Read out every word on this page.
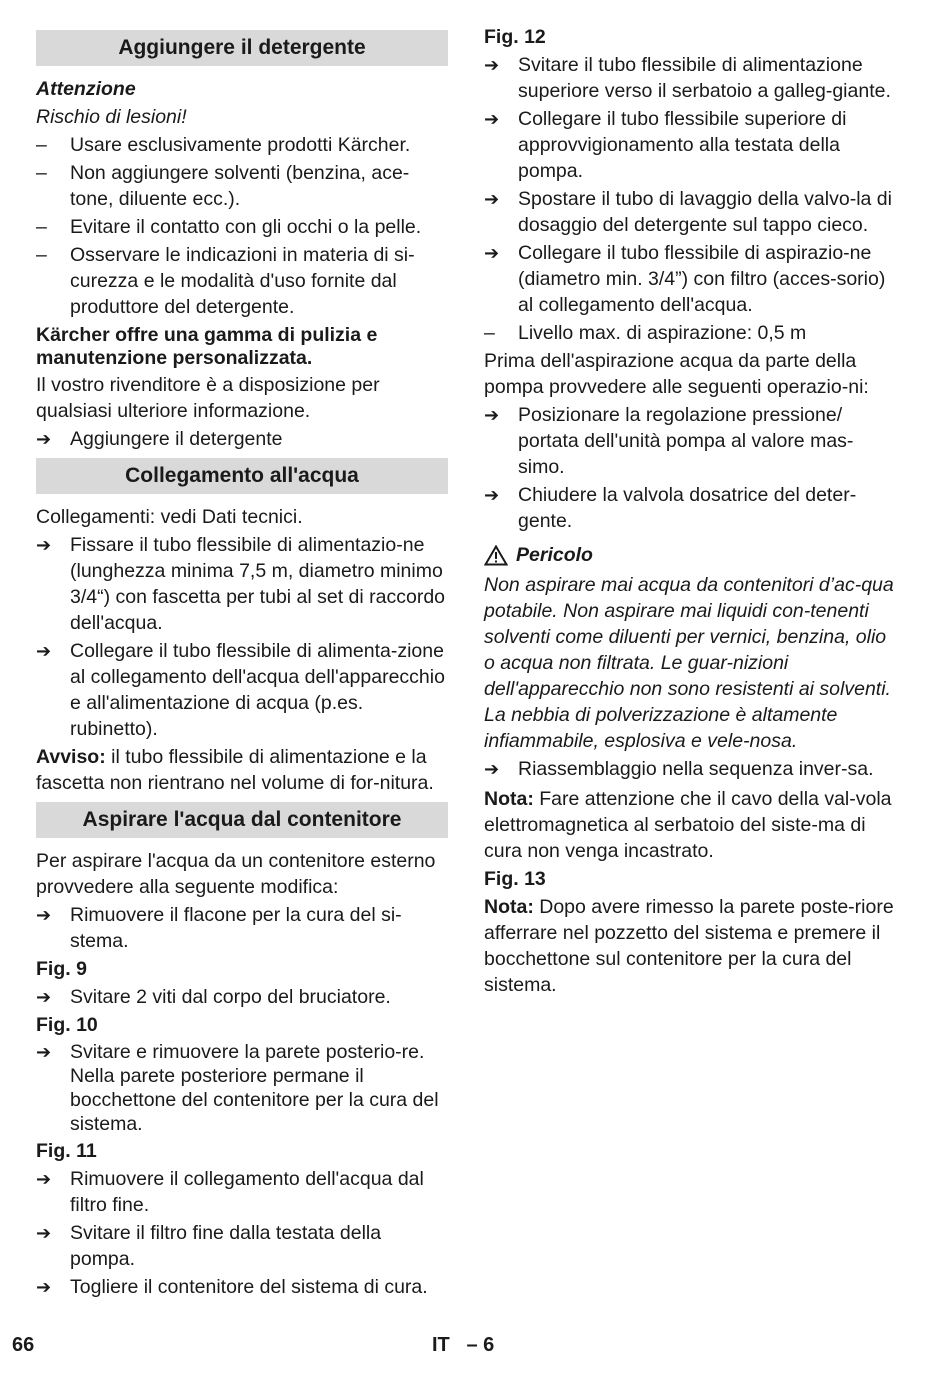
Aggiungere il detergente

Attenzione

Rischio di lesioni!

–	Usare esclusivamente prodotti Kärcher.
–	Non aggiungere solventi (benzina, ace-tone, diluente ecc.).
–	Evitare il contatto con gli occhi o la pelle.
–	Osservare le indicazioni in materia di si-curezza e le modalità d'uso fornite dal produttore del detergente.

Kärcher offre una gamma di pulizia e manutenzione personalizzata.

Il vostro rivenditore è a disposizione per qualsiasi ulteriore informazione.

➔ Aggiungere il detergente
Collegamento all'acqua

Collegamenti: vedi Dati tecnici.

➔ Fissare il tubo flessibile di alimentazio-ne (lunghezza minima 7,5 m, diametro minimo 3/4“) con fascetta per tubi al set di raccordo dell'acqua.
➔ Collegare il tubo flessibile di alimenta-zione al collegamento dell'acqua dell'apparecchio e all'alimentazione di acqua (p.es. rubinetto).

Avviso: il tubo flessibile di alimentazione e la fascetta non rientrano nel volume di for-nitura.

Aspirare l'acqua dal contenitore

Per aspirare l'acqua da un contenitore esterno provvedere alla seguente modifica:

➔ Rimuovere il flacone per la cura del si-stema.

Fig. 9

➔ Svitare 2 viti dal corpo del bruciatore.

Fig. 10

➔ Svitare e rimuovere la parete posterio-re. Nella parete posteriore permane il bocchettone del contenitore per la cura del sistema.

Fig. 11

➔ Rimuovere il collegamento dell'acqua dal filtro fine.
➔ Svitare il filtro fine dalla testata della pompa.
➔ Togliere il contenitore del sistema di cura.

Fig. 12

➔ Svitare il tubo flessibile di alimentazione superiore verso il serbatoio a galleg-giante.
➔ Collegare il tubo flessibile superiore di approvvigionamento alla testata della pompa.
➔ Spostare il tubo di lavaggio della valvo-la di dosaggio del detergente sul tappo cieco.
➔ Collegare il tubo flessibile di aspirazio-ne (diametro min. 3/4”) con filtro (acces-sorio) al collegamento dell'acqua.
–	Livello max. di aspirazione: 0,5 m

Prima dell'aspirazione acqua da parte della pompa provvedere alle seguenti operazio-ni:

➔ Posizionare la regolazione pressione/ portata dell'unità pompa al valore mas-simo.
➔ Chiudere la valvola dosatrice del deter-gente.
Pericolo

Non aspirare mai acqua da contenitori d’ac-qua potabile. Non aspirare mai liquidi con-tenenti solventi come diluenti per vernici, benzina, olio o acqua non filtrata. Le guar-nizioni dell'apparecchio non sono resistenti ai solventi. La nebbia di polverizzazione è altamente infiammabile, esplosiva e vele-nosa.

➔ Riassemblaggio nella sequenza inver-sa.

Nota: Fare attenzione che il cavo della val-vola elettromagnetica al serbatoio del siste-ma di cura non venga incastrato.

Fig. 13

Nota: Dopo avere rimesso la parete poste-riore afferrare nel pozzetto del sistema e premere il bocchettone sul contenitore per la cura del sistema.

66	IT   – 6
